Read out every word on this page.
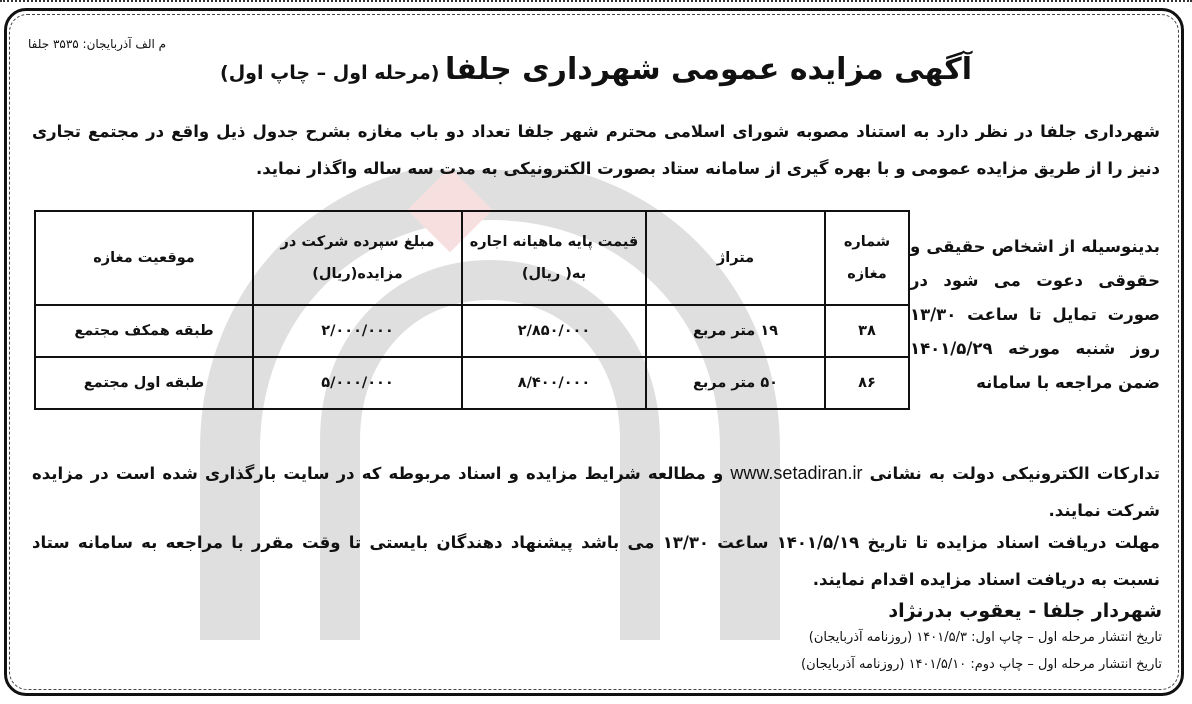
م الف آذربایجان: ۳۵۳۵ جلفا
آگهی مزایده عمومی شهرداری جلفا (مرحله اول – چاپ اول)
شهرداری جلفا در نظر دارد به استناد مصوبه شورای اسلامی محترم شهر جلفا تعداد دو باب مغازه بشرح جدول ذیل واقع در مجتمع تجاری دنیز را از طریق مزایده عمومی و با بهره گیری از سامانه ستاد بصورت الکترونیکی به مدت سه ساله واگذار نماید.
شماره مغازه	متراژ	قیمت پایه ماهیانه اجاره به( ریال)	مبلغ سپرده شرکت در مزایده(ریال)	موقعیت مغازه
۳۸	۱۹ متر مربع	۲/۸۵۰/۰۰۰	۲/۰۰۰/۰۰۰	طبقه همکف مجتمع
۸۶	۵۰ متر مربع	۸/۴۰۰/۰۰۰	۵/۰۰۰/۰۰۰	طبقه اول مجتمع
بدینوسیله از اشخاص حقیقی و حقوقی دعوت می شود در صورت تمایل تا ساعت ۱۳/۳۰ روز شنبه مورخه ۱۴۰۱/۵/۲۹ ضمن مراجعه با سامانه
تدارکات الکترونیکی دولت به نشانی www.setadiran.ir و مطالعه شرایط مزایده و اسناد مربوطه که در سایت بارگذاری شده است در مزایده شرکت نمایند.
مهلت دریافت اسناد مزایده تا تاریخ ۱۴۰۱/۵/۱۹ ساعت ۱۳/۳۰ می باشد پیشنهاد دهندگان بایستی تا وقت مقرر با مراجعه به سامانه ستاد نسبت به دریافت اسناد مزایده اقدام نمایند.
شهردار جلفا - یعقوب بدرنژاد
تاریخ انتشار مرحله اول – چاپ اول: ۱۴۰۱/۵/۳ (روزنامه آذربایجان)
تاریخ انتشار مرحله اول – چاپ دوم: ۱۴۰۱/۵/۱۰ (روزنامه آذربایجان)
